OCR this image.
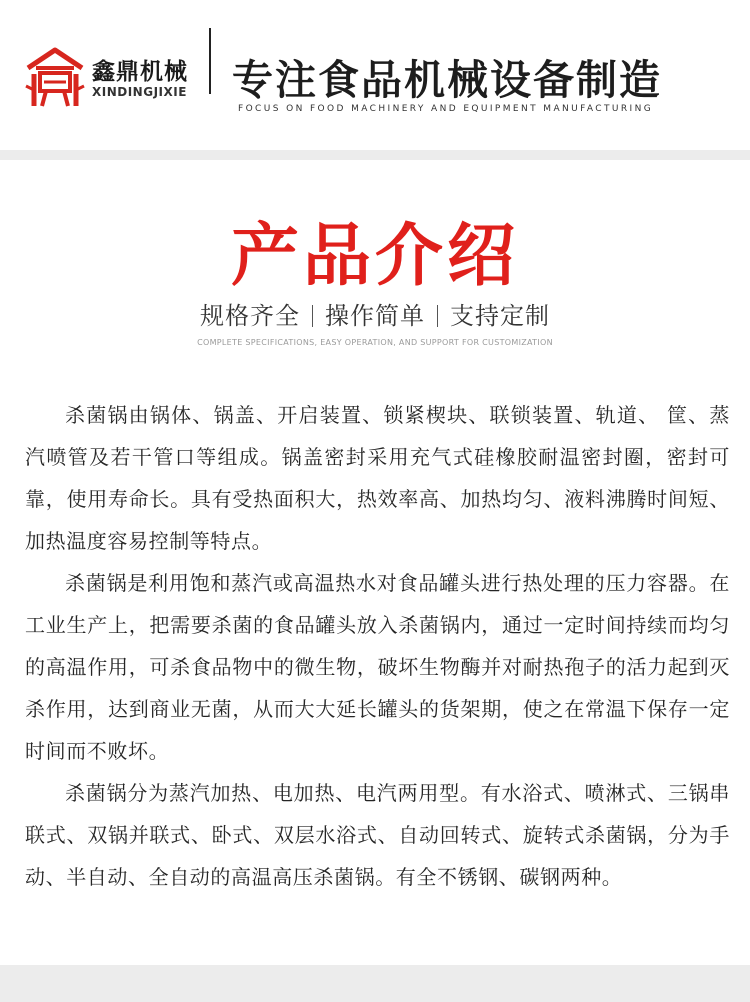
鑫鼎机械
XINDINGJIXIE 专注食品机械设备制造
FOCUS ON FOOD MACHINERY AND EQUIPMENT MANUFACTURING
产品介绍
规格齐全 操作简单 支持定制
COMPLETE SPECIFICATIONS, EASY OPERATION, AND SUPPORT FOR CUSTOMIZATION

杀菌锅由锅体、锅盖、开启装置、锁紧楔块、联锁装置、轨道、 筐、蒸汽喷管及若干管口等组成。锅盖密封采用充气式硅橡胶耐温密封圈，密封可靠，使用寿命长。具有受热面积大，热效率高、加热均匀、液料沸腾时间短、加热温度容易控制等特点。

杀菌锅是利用饱和蒸汽或高温热水对食品罐头进行热处理的压力容器。在工业生产上，把需要杀菌的食品罐头放入杀菌锅内，通过一定时间持续而均匀的高温作用，可杀食品物中的微生物，破坏生物酶并对耐热孢子的活力起到灭杀作用，达到商业无菌，从而大大延长罐头的货架期，使之在常温下保存一定时间而不败坏。

杀菌锅分为蒸汽加热、电加热、电汽两用型。有水浴式、喷淋式、三锅串联式、双锅并联式、卧式、双层水浴式、自动回转式、旋转式杀菌锅，分为手动、半自动、全自动的高温高压杀菌锅。有全不锈钢、碳钢两种。
